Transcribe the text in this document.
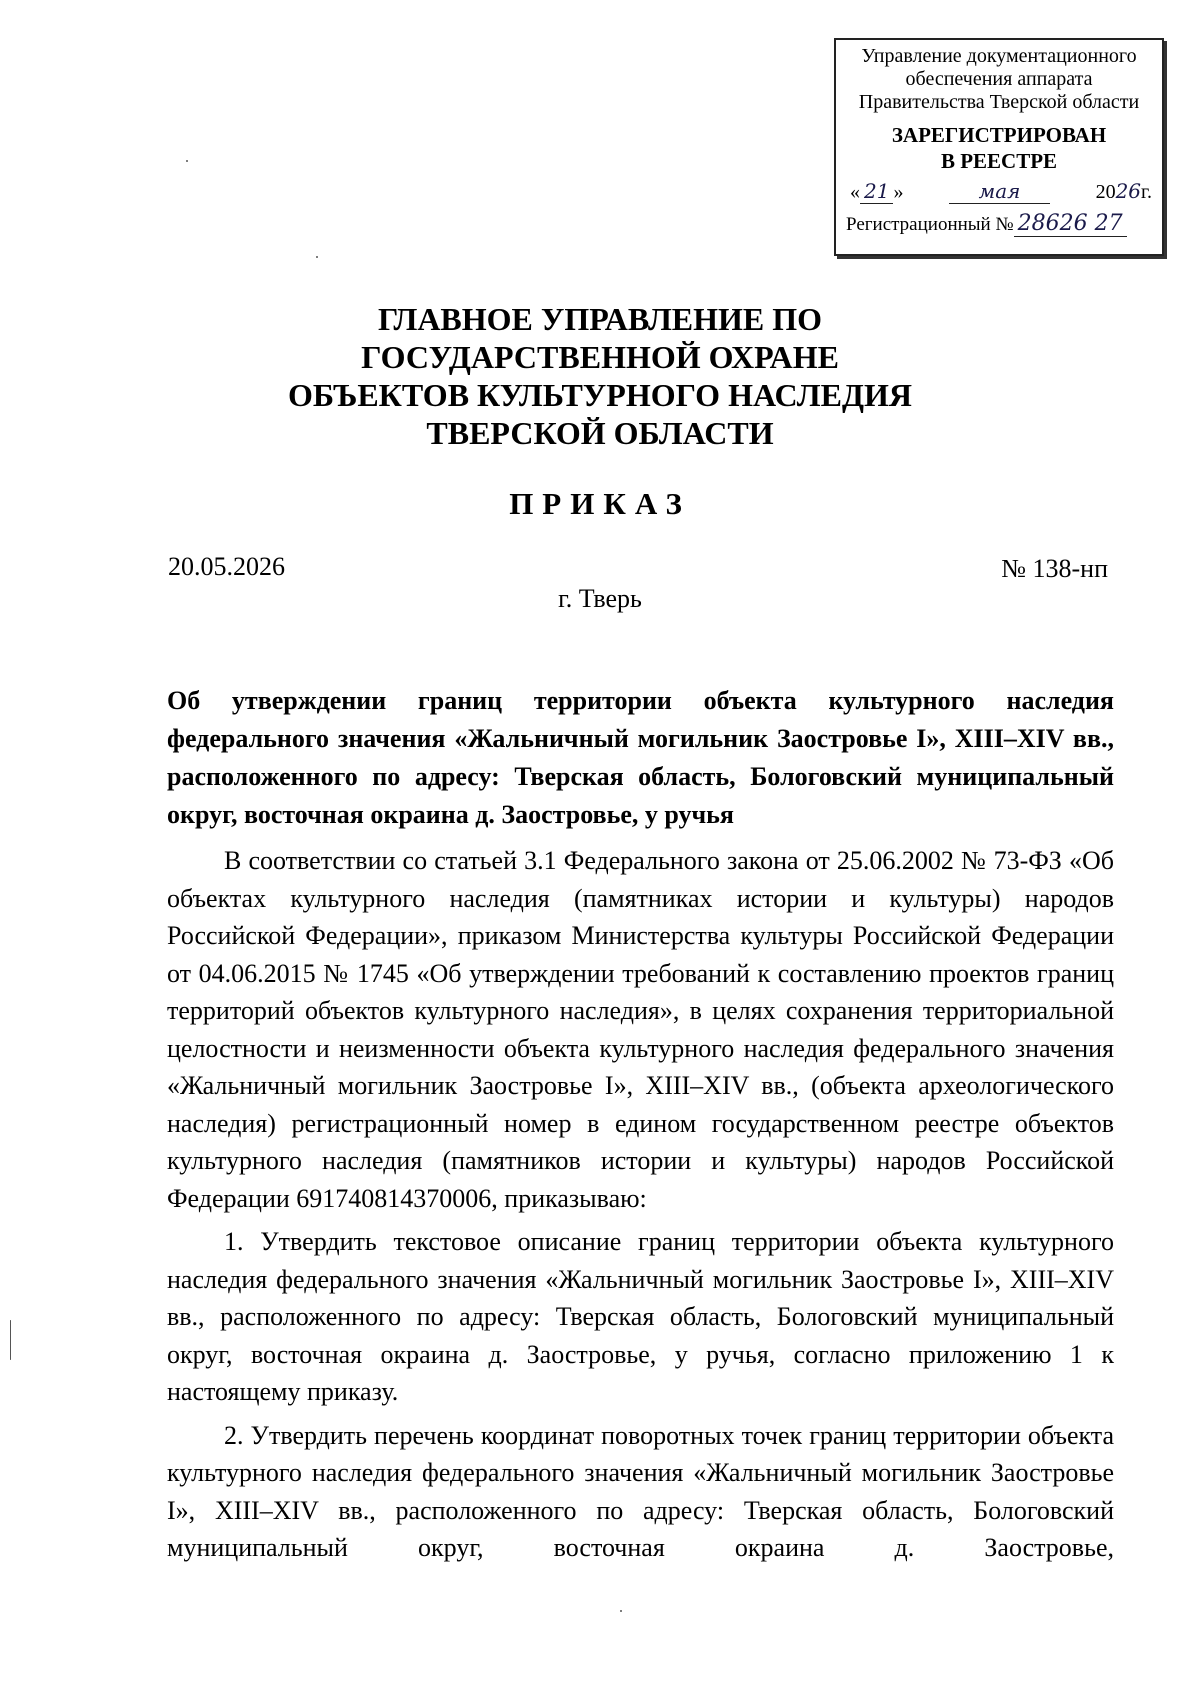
Управление документационного
обеспечения аппарата
Правительства Тверской области
ЗАРЕГИСТРИРОВАН
В РЕЕСТРЕ
« 21 »	мая	2026г.
Регистрационный № 28626 27
ГЛАВНОЕ УПРАВЛЕНИЕ ПО
ГОСУДАРСТВЕННОЙ ОХРАНЕ
ОБЪЕКТОВ КУЛЬТУРНОГО НАСЛЕДИЯ
ТВЕРСКОЙ ОБЛАСТИ
ПРИКАЗ
20.05.2026	№ 138-нп
г. Тверь
Об утверждении границ территории объекта культурного наследия федерального значения «Жальничный могильник Заостровье I», XIII–XIV вв., расположенного по адресу: Тверская область, Бологовский муниципальный округ, восточная окраина д. Заостровье, у ручья

В соответствии со статьей 3.1 Федерального закона от 25.06.2002 № 73-ФЗ «Об объектах культурного наследия (памятниках истории и культуры) народов Российской Федерации», приказом Министерства культуры Российской Федерации от 04.06.2015 № 1745 «Об утверждении требований к составлению проектов границ территорий объектов культурного наследия», в целях сохранения территориальной целостности и неизменности объекта культурного наследия федерального значения «Жальничный могильник Заостровье I», XIII–XIV вв., (объекта археологического наследия) регистрационный номер в едином государственном реестре объектов культурного наследия (памятников истории и культуры) народов Российской Федерации 691740814370006, приказываю:

1. Утвердить текстовое описание границ территории объекта культурного наследия федерального значения «Жальничный могильник Заостровье I», XIII–XIV вв., расположенного по адресу: Тверская область, Бологовский муниципальный округ, восточная окраина д. Заостровье, у ручья, согласно приложению 1 к настоящему приказу.

2. Утвердить перечень координат поворотных точек границ территории объекта культурного наследия федерального значения «Жальничный могильник Заостровье I», XIII–XIV вв., расположенного по адресу: Тверская область, Бологовский муниципальный округ, восточная окраина д. Заостровье,
